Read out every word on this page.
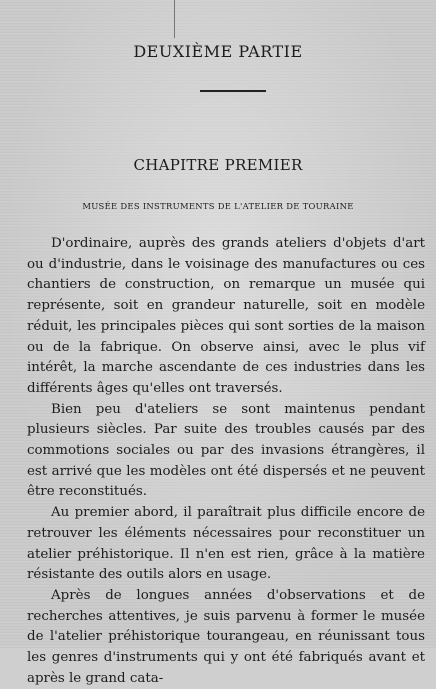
DEUXIÈME PARTIE
CHAPITRE PREMIER
MUSÉE DES INSTRUMENTS DE L'ATELIER DE TOURAINE

D'ordinaire, auprès des grands ateliers d'objets d'art ou d'industrie, dans le voisinage des manufactures ou ces chantiers de construction, on remarque un musée qui représente, soit en grandeur naturelle, soit en modèle réduit, les principales pièces qui sont sorties de la maison ou de la fabrique. On observe ainsi, avec le plus vif intérêt, la marche ascendante de ces industries dans les différents âges qu'elles ont traversés.

Bien peu d'ateliers se sont maintenus pendant plusieurs siècles. Par suite des troubles causés par des commotions sociales ou par des invasions étrangères, il est arrivé que les modèles ont été dispersés et ne peuvent être reconstitués.

Au premier abord, il paraîtrait plus difficile encore de retrouver les éléments nécessaires pour reconstituer un atelier préhistorique. Il n'en est rien, grâce à la matière résistante des outils alors en usage.

Après de longues années d'observations et de recherches attentives, je suis parvenu à former le musée de l'atelier préhistorique tourangeau, en réunissant tous les genres d'instruments qui y ont été fabriqués avant et après le grand cata-
